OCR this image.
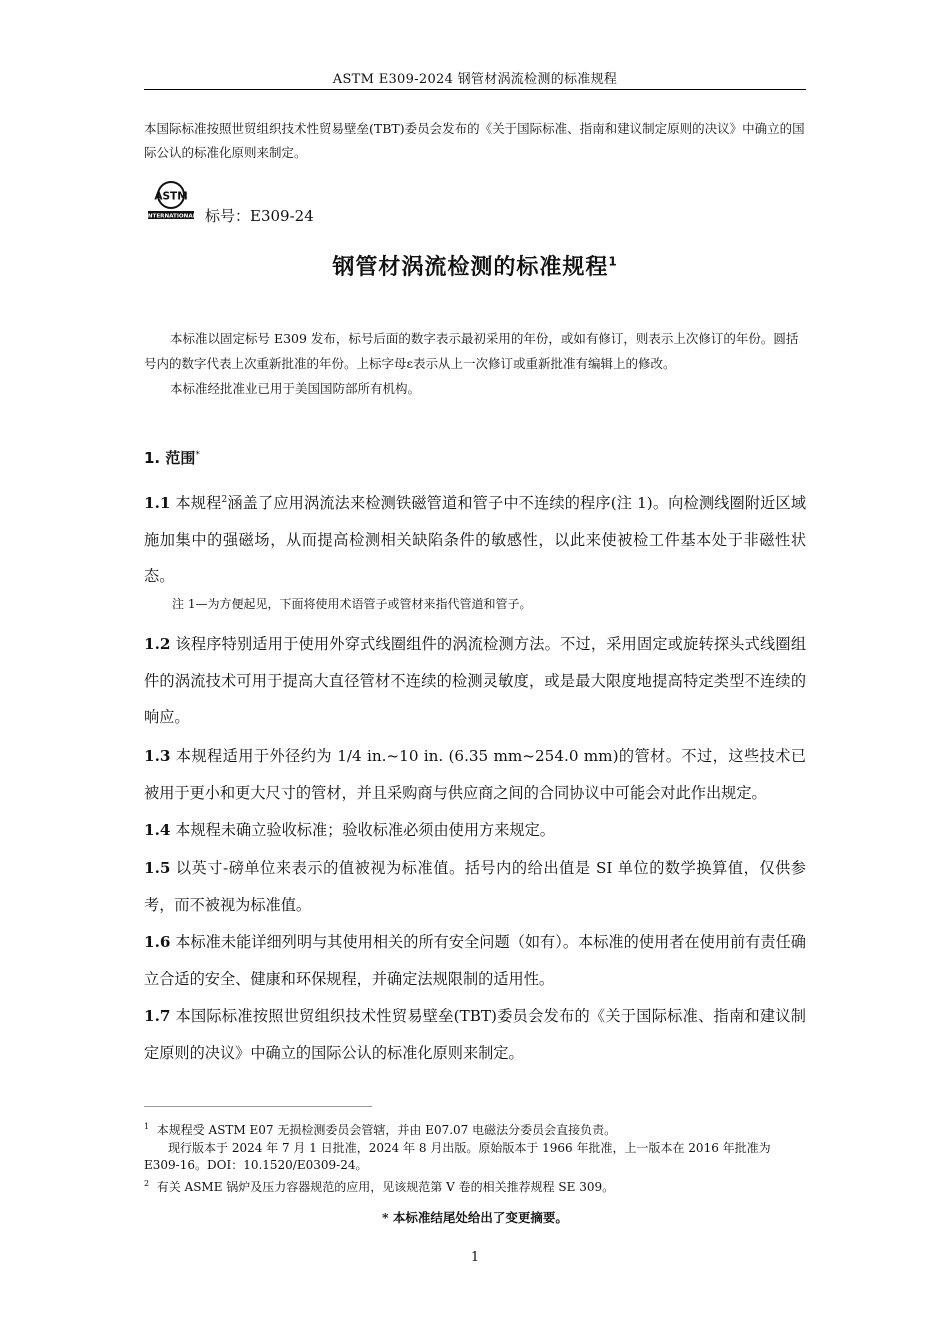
ASTM E309-2024 钢管材涡流检测的标准规程
本国际标准按照世贸组织技术性贸易壁垒(TBT)委员会发布的《关于国际标准、指南和建议制定原则的决议》中确立的国际公认的标准化原则来制定。
ASTM
INTERNATIONAL 标号：E309-24
钢管材涡流检测的标准规程$^1$

本标准以固定标号 E309 发布，标号后面的数字表示最初采用的年份，或如有修订，则表示上次修订的年份。圆括号内的数字代表上次重新批准的年份。上标字母ε表示从上一次修订或重新批准有编辑上的修改。

本标准经批准业已用于美国国防部所有机构。

1. 范围*
1.1 本规程$^2$涵盖了应用涡流法来检测铁磁管道和管子中不连续的程序(注 1)。向检测线圈附近区域施加集中的强磁场，从而提高检测相关缺陷条件的敏感性，以此来使被检工件基本处于非磁性状态。
注 1—为方便起见，下面将使用术语管子或管材来指代管道和管子。
1.2 该程序特别适用于使用外穿式线圈组件的涡流检测方法。不过，采用固定或旋转探头式线圈组件的涡流技术可用于提高大直径管材不连续的检测灵敏度，或是最大限度地提高特定类型不连续的响应。
1.3 本规程适用于外径约为 1/4 in.~10 in. (6.35 mm~254.0 mm)的管材。不过，这些技术已被用于更小和更大尺寸的管材，并且采购商与供应商之间的合同协议中可能会对此作出规定。
1.4 本规程未确立验收标准；验收标准必须由使用方来规定。
1.5 以英寸-磅单位来表示的值被视为标准值。括号内的给出值是 SI 单位的数学换算值，仅供参考，而不被视为标准值。
1.6 本标准未能详细列明与其使用相关的所有安全问题（如有）。本标准的使用者在使用前有责任确立合适的安全、健康和环保规程，并确定法规限制的适用性。
1.7 本国际标准按照世贸组织技术性贸易壁垒(TBT)委员会发布的《关于国际标准、指南和建议制定原则的决议》中确立的国际公认的标准化原则来制定。

$^1$ 本规程受 ASTM E07 无损检测委员会管辖，并由 E07.07 电磁法分委员会直接负责。

现行版本于 2024 年 7 月 1 日批准，2024 年 8 月出版。原始版本于 1966 年批准，上一版本在 2016 年批准为 E309-16。DOI：10.1520/E0309-24。

$^2$ 有关 ASME 锅炉及压力容器规范的应用，见该规范第 V 卷的相关推荐规程 SE 309。

* 本标准结尾处给出了变更摘要。
1
